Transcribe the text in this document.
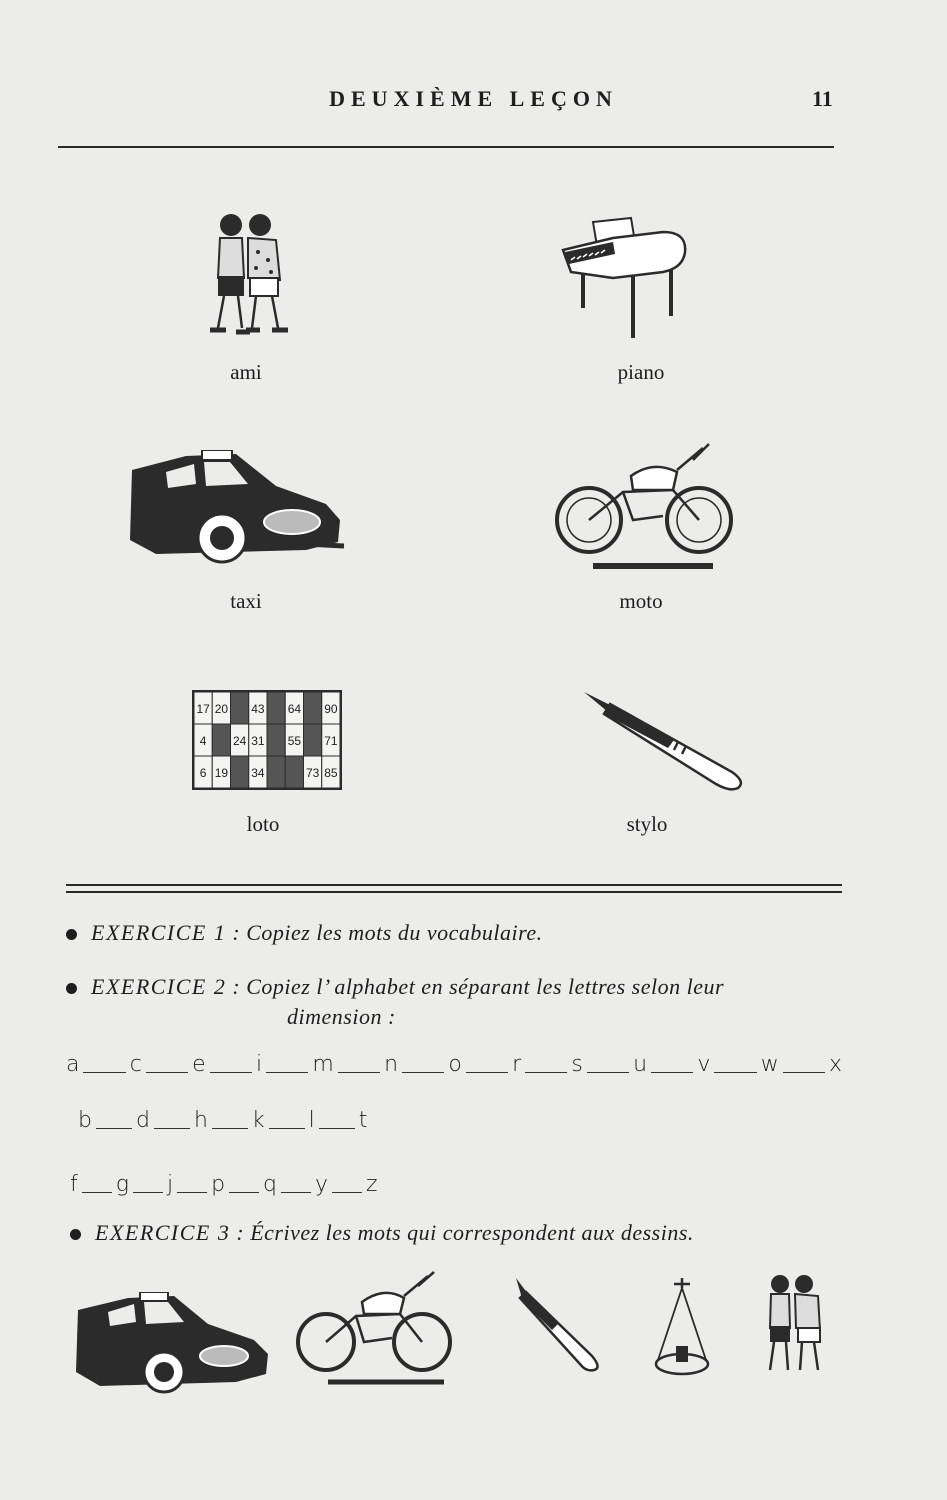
DEUXIÈME LEÇON	11
ami	piano
taxi	moto
17 20 43 64 90
4 24 31 55 71
6 19 34	73 85
loto	stylo
EXERCICE 1 : Copiez les mots du vocabulaire.
EXERCICE 2 : Copiez l’ alphabet en séparant les lettres selon leur
dimension :
a c e i m n o r s u v w x
b d h k l t
f g j p q y z
EXERCICE 3 : Écrivez les mots qui correspondent aux dessins.
